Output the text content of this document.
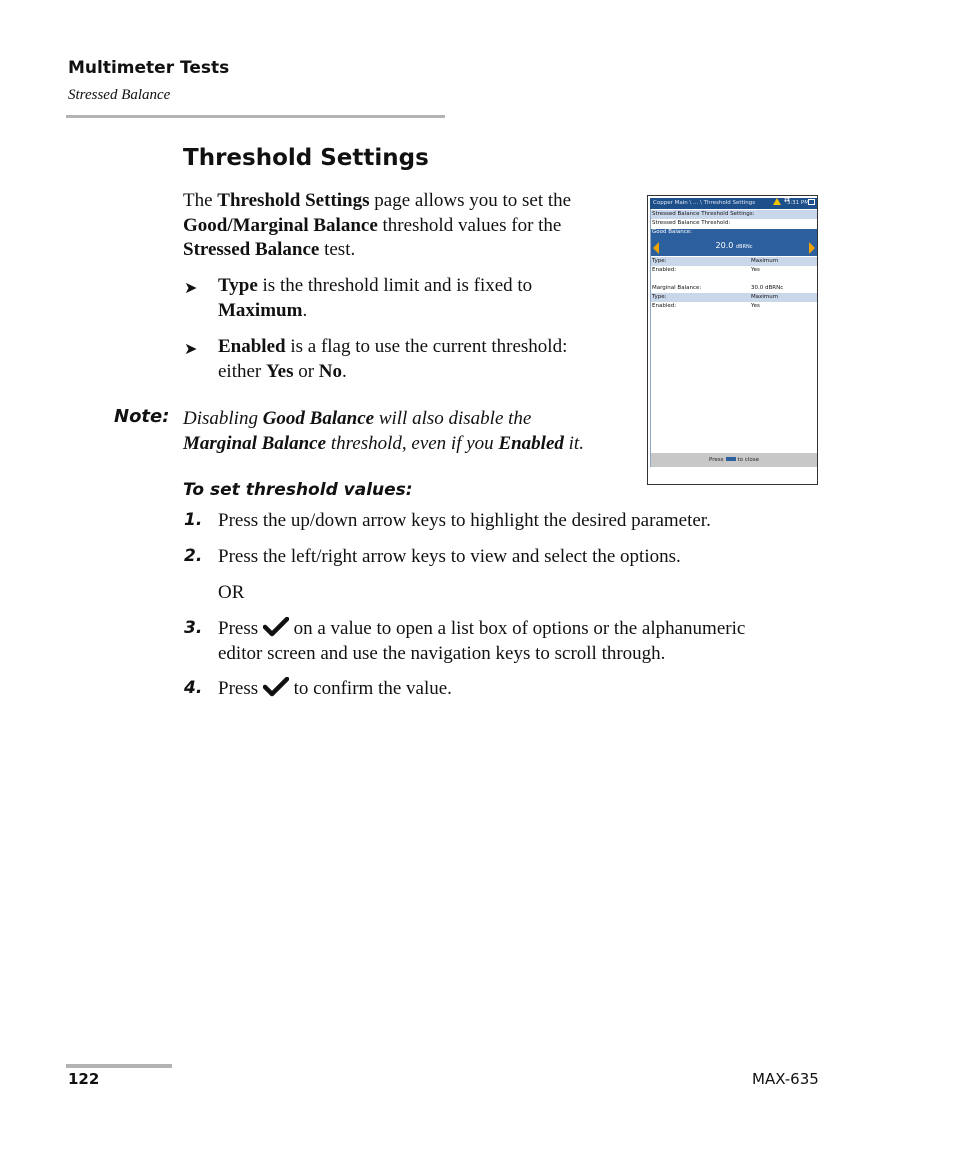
Multimeter Tests
Stressed Balance
Threshold Settings

The Threshold Settings page allows you to set the
Good/Marginal Balance threshold values for the
Stressed Balance test.

➤ Type is the threshold limit and is fixed to
Maximum.

➤ Enabled is a flag to use the current threshold:
either Yes or No.

Note: Disabling Good Balance will also disable the
Marginal Balance threshold, even if you Enabled it.

Copper Main \ ... \ Threshold Settings	3:31 PM
⇄
Stressed Balance Threshold Settings:
Stressed Balance Threshold:
Good Balance:
20.0 dBRNc
Type:	Maximum
Enabled:	Yes
Marginal Balance:	30.0 dBRNc
Type:	Maximum
Enabled:	Yes
Press	to close
To set threshold values:
1. Press the up/down arrow keys to highlight the desired parameter.

2. Press the left/right arrow keys to view and select the options.

OR

3. Press  on a value to open a list box of options or the alphanumeric
editor screen and use the navigation keys to scroll through.

4. Press  to confirm the value.

122	MAX-635
